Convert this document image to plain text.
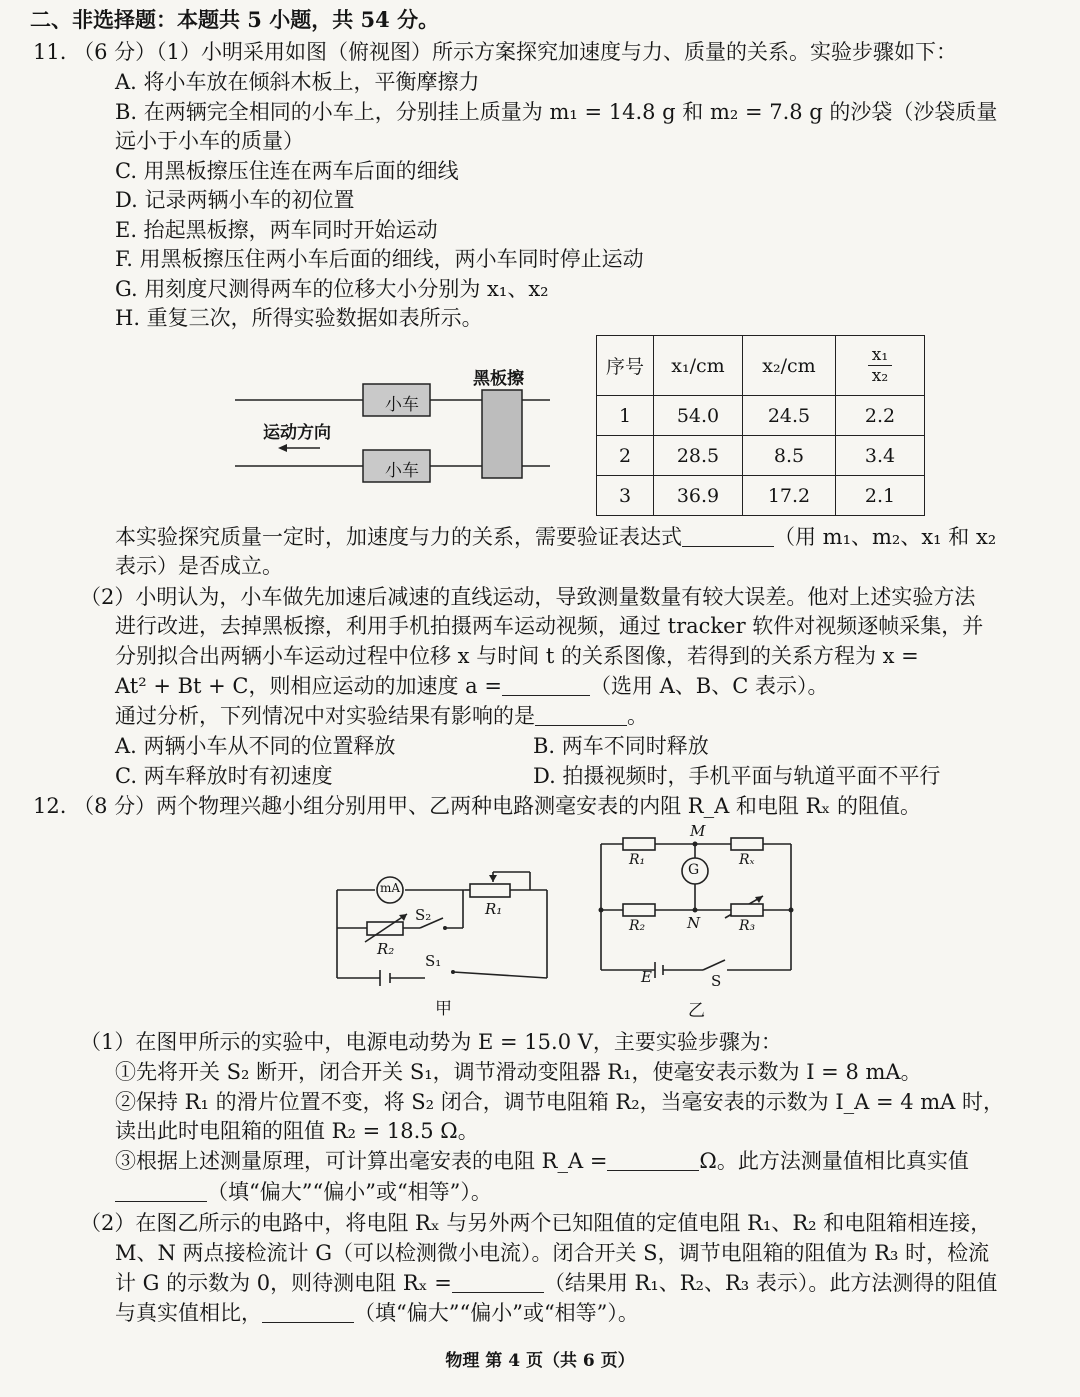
二、非选择题：本题共 5 小题，共 54 分。
11. （6 分）（1）小明采用如图（俯视图）所示方案探究加速度与力、质量的关系。实验步骤如下：
A. 将小车放在倾斜木板上，平衡摩擦力
B. 在两辆完全相同的小车上，分别挂上质量为 m₁ = 14.8 g 和 m₂ = 7.8 g 的沙袋（沙袋质量
远小于小车的质量）
C. 用黑板擦压住连在两车后面的细线
D. 记录两辆小车的初位置
E. 抬起黑板擦，两车同时开始运动
F. 用黑板擦压住两小车后面的细线，两小车同时停止运动
G. 用刻度尺测得两车的位移大小分别为 x₁、x₂
H. 重复三次，所得实验数据如表所示。
小车
小车
黑板擦
运动方向
序号	x₁/cm	x₂/cm	$\frac{\text{x₁}}{\text{x₂}}$

1	54.0	24.5	2.2
2	28.5	8.5	3.4
3	36.9	17.2	2.1
本实验探究质量一定时，加速度与力的关系，需要验证表达式	（用 m₁、m₂、x₁ 和 x₂
表示）是否成立。
（2）小明认为，小车做先加速后减速的直线运动，导致测量数量有较大误差。他对上述实验方法
进行改进，去掉黑板擦，利用手机拍摄两车运动视频，通过 tracker 软件对视频逐帧采集，并
分别拟合出两辆小车运动过程中位移 x 与时间 t 的关系图像，若得到的关系方程为 x =
At² + Bt + C，则相应运动的加速度 a =	（选用 A、B、C 表示）。
通过分析，下列情况中对实验结果有影响的是	。
A. 两辆小车从不同的位置释放	B. 两车不同时释放
C. 两车释放时有初速度	D. 拍摄视频时，手机平面与轨道平面不平行
12. （8 分）两个物理兴趣小组分别用甲、乙两种电路测毫安表的内阻 R_A 和电阻 Rₓ 的阻值。
mA
S₂	R₁
R₂
S₁
甲
M
G
N
R₁	Rₓ
R₂	R₃
E	S
乙
（1）在图甲所示的实验中，电源电动势为 E = 15.0 V，主要实验步骤为：
①先将开关 S₂ 断开，闭合开关 S₁，调节滑动变阻器 R₁，使毫安表示数为 I = 8 mA。
②保持 R₁ 的滑片位置不变，将 S₂ 闭合，调节电阻箱 R₂，当毫安表的示数为 I_A = 4 mA 时，
读出此时电阻箱的阻值 R₂ = 18.5 Ω。
③根据上述测量原理，可计算出毫安表的电阻 R_A =	Ω。此方法测量值相比真实值
（填“偏大”“偏小”或“相等”）。
（2）在图乙所示的电路中，将电阻 Rₓ 与另外两个已知阻值的定值电阻 R₁、R₂ 和电阻箱相连接，
M、N 两点接检流计 G（可以检测微小电流）。闭合开关 S，调节电阻箱的阻值为 R₃ 时，检流
计 G 的示数为 0，则待测电阻 Rₓ =	（结果用 R₁、R₂、R₃ 表示）。此方法测得的阻值
与真实值相比，	（填“偏大”“偏小”或“相等”）。
物理 第 4 页（共 6 页）
